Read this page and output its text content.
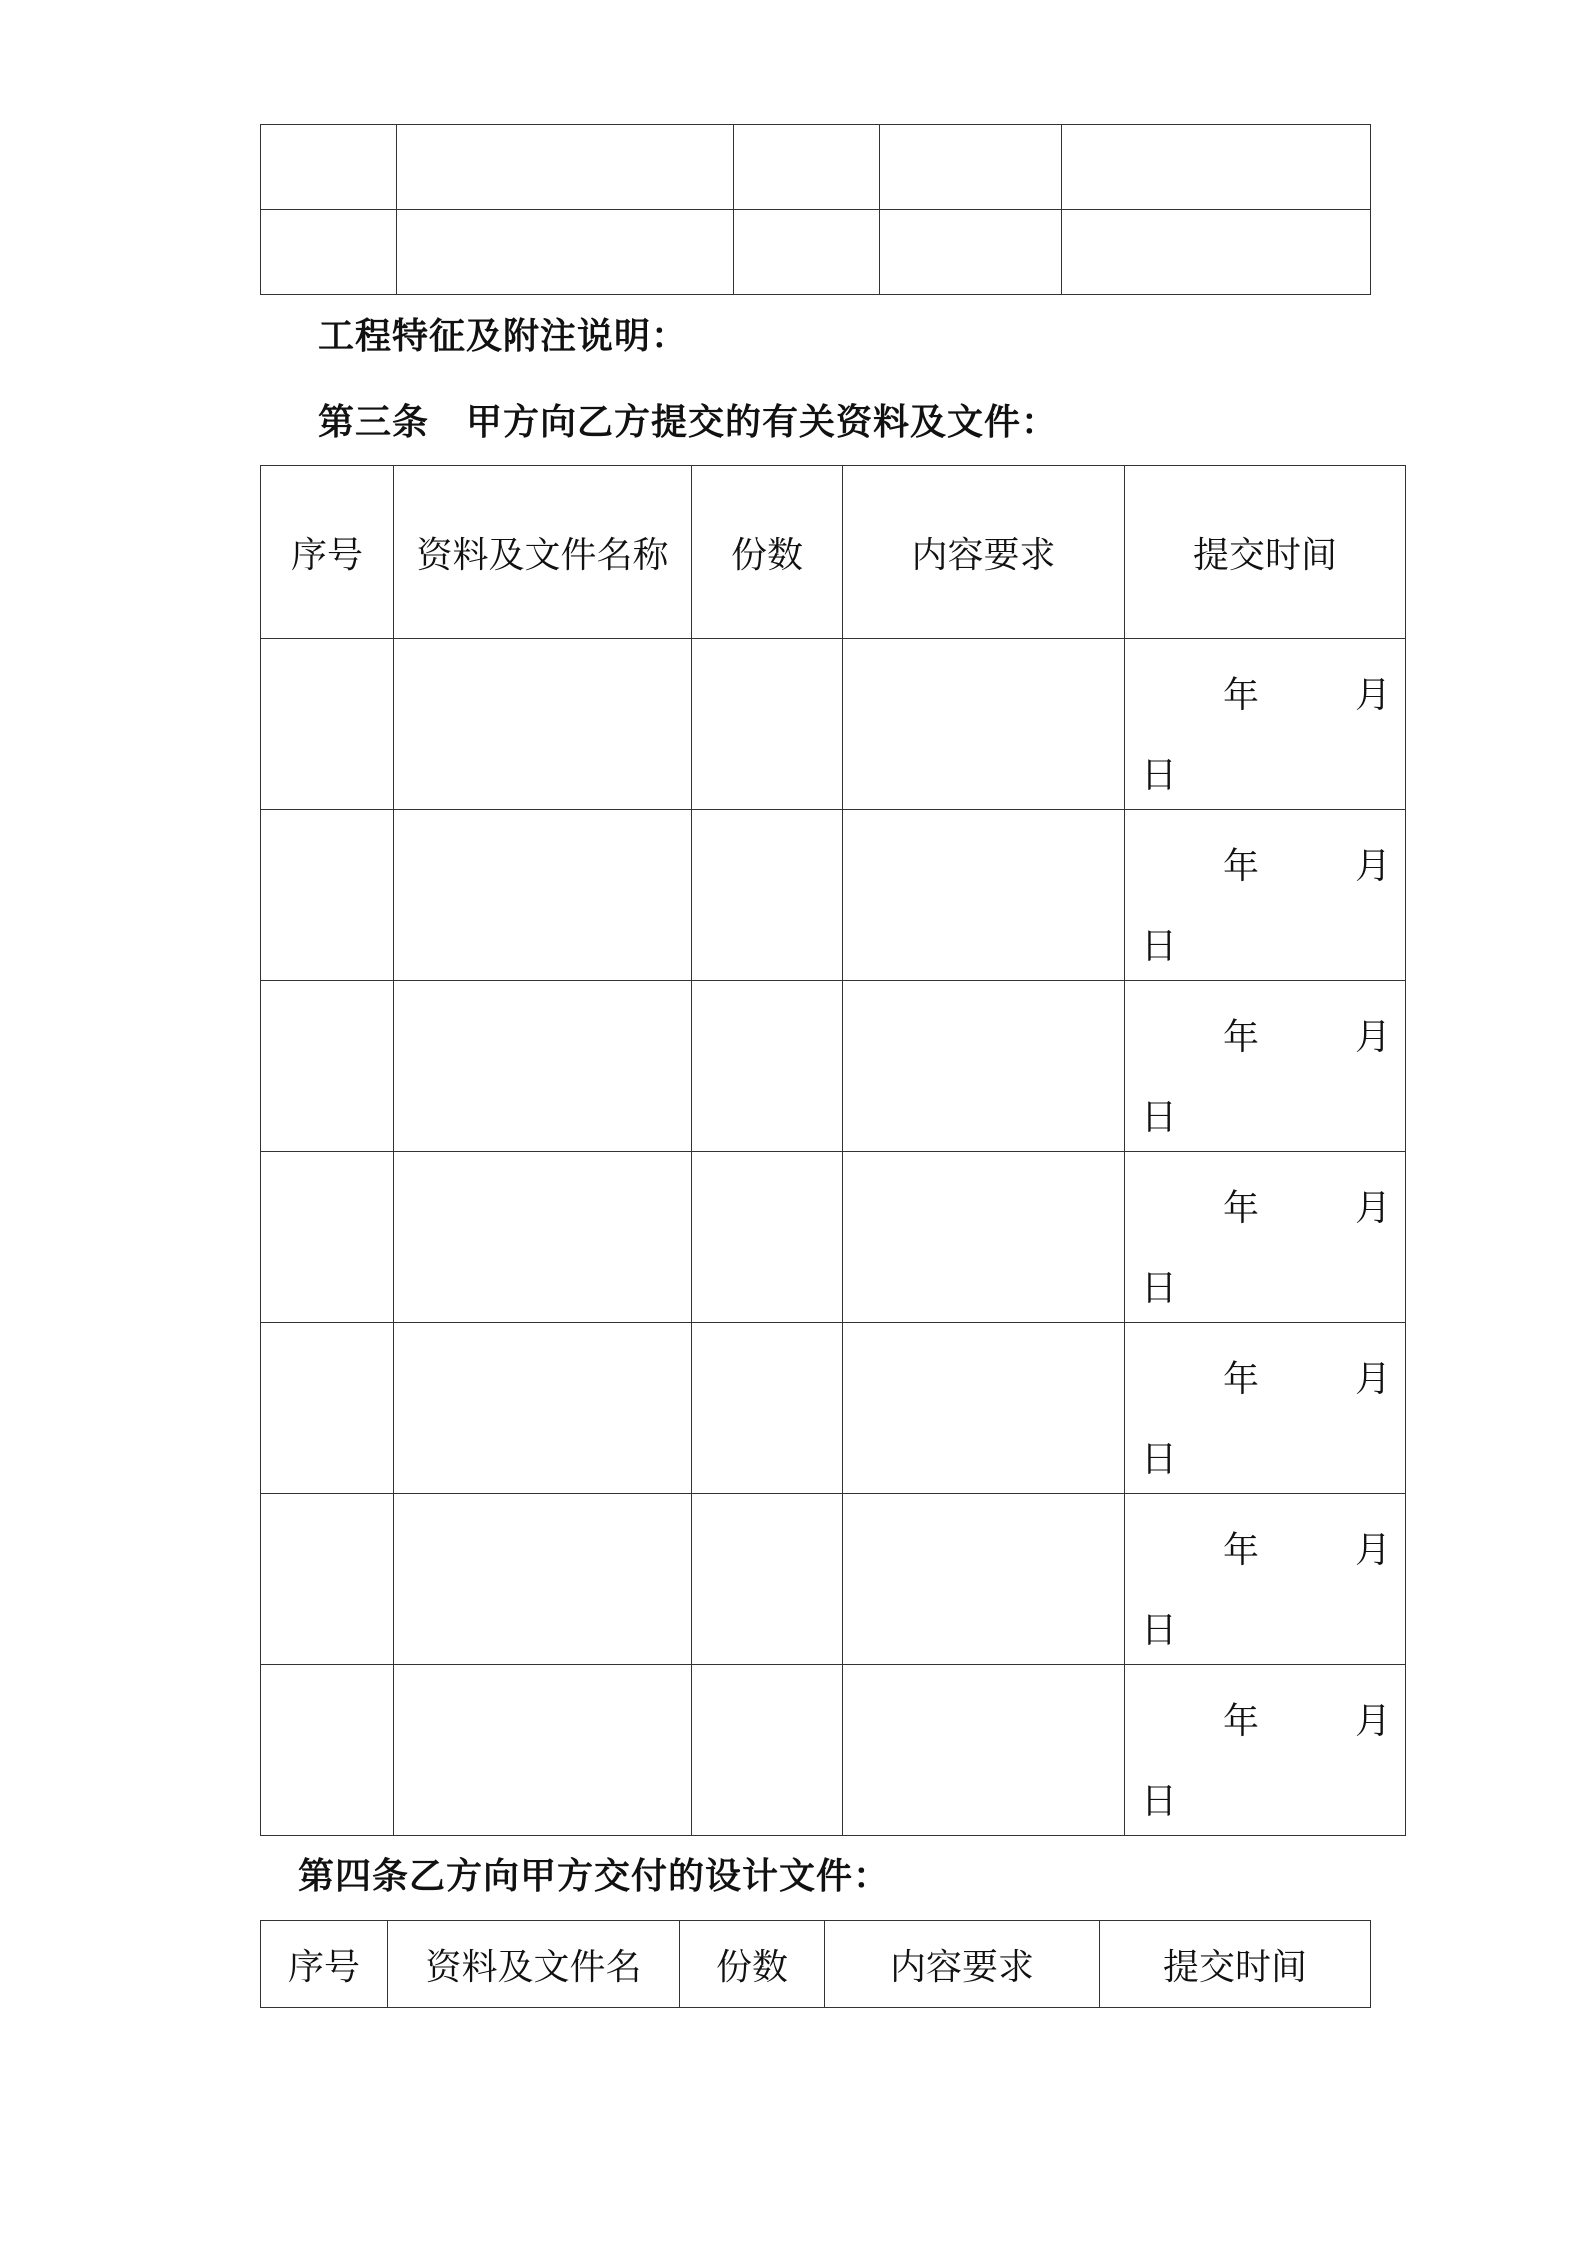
工程特征及附注说明：
第三条　甲方向乙方提交的有关资料及文件：
序号	资料及文件名称	份数	内容要求	提交时间

				年 月
日

				年 月
日

				年 月
日

				年 月
日

				年 月
日

				年 月
日

				年 月
日
第四条乙方向甲方交付的设计文件：
序号	资料及文件名	份数	内容要求	提交时间
